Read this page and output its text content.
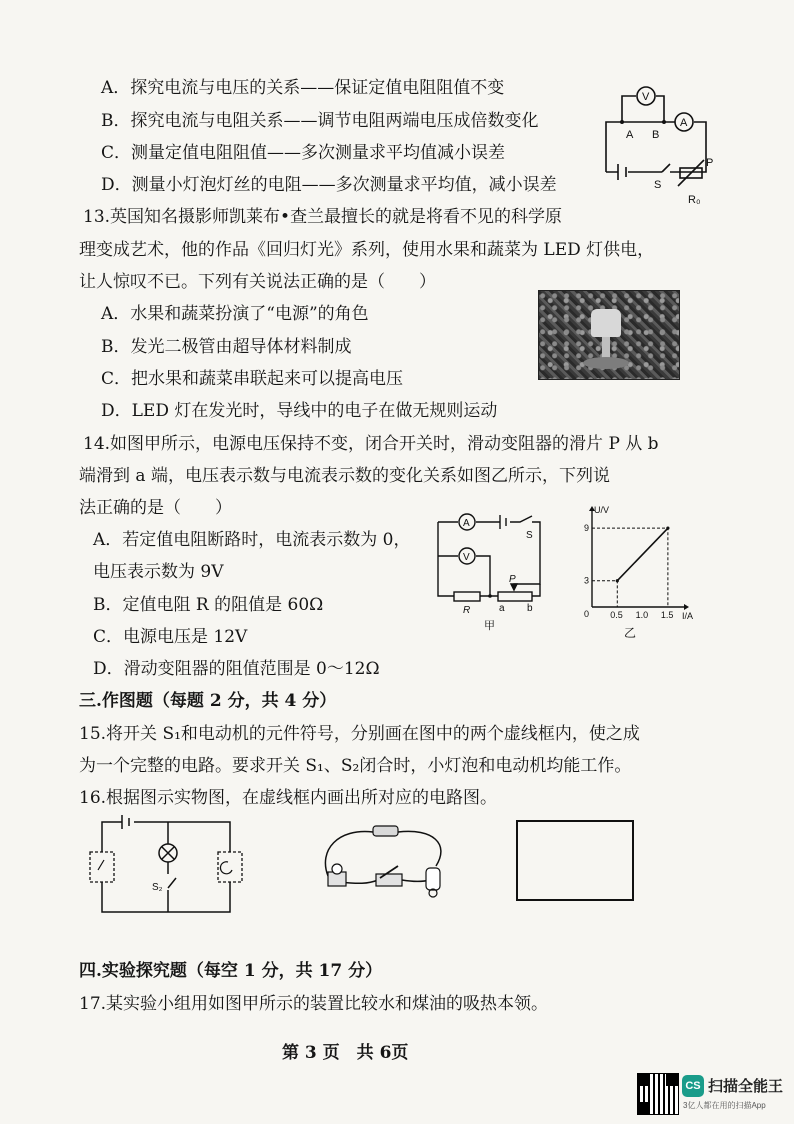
A．探究电流与电压的关系——保证定值电阻阻值不变
B．探究电流与电阻关系——调节电阻两端电压成倍数变化
C．测量定值电阻阻值——多次测量求平均值减小误差
D．测量小灯泡灯丝的电阻——多次测量求平均值，减小误差
V
A
A B
S
P
R₀
13.英国知名摄影师凯莱布•查兰最擅长的就是将看不见的科学原
理变成艺术，他的作品《回归灯光》系列，使用水果和蔬菜为 LED 灯供电，
让人惊叹不已。下列有关说法正确的是（　　）
A．水果和蔬菜扮演了“电源”的角色
B．发光二极管由超导体材料制成
C．把水果和蔬菜串联起来可以提高电压
D．LED 灯在发光时，导线中的电子在做无规则运动
14.如图甲所示，电源电压保持不变，闭合开关时，滑动变阻器的滑片 P 从 b
端滑到 a 端，电压表示数与电流表示数的变化关系如图乙所示，下列说
法正确的是（　　）
A．若定值电阻断路时，电流表示数为 0，
电压表示数为 9V
B．定值电阻 R 的阻值是 60Ω
C．电源电压是 12V
D．滑动变阻器的阻值范围是 0～12Ω
A
V
S
P
R	a b
甲
U/V
I/A
0 0.5 1.0 1.5
3
9
乙
三.作图题（每题 2 分，共 4 分）
15.将开关 S₁和电动机的元件符号，分别画在图中的两个虚线框内，使之成
为一个完整的电路。要求开关 S₁、S₂闭合时，小灯泡和电动机均能工作。
16.根据图示实物图，在虚线框内画出所对应的电路图。
S₂
四.实验探究题（每空 1 分，共 17 分）
17.某实验小组用如图甲所示的装置比较水和煤油的吸热本领。
第 3 页　共 6页
CS 扫描全能王
3亿人都在用的扫描App
